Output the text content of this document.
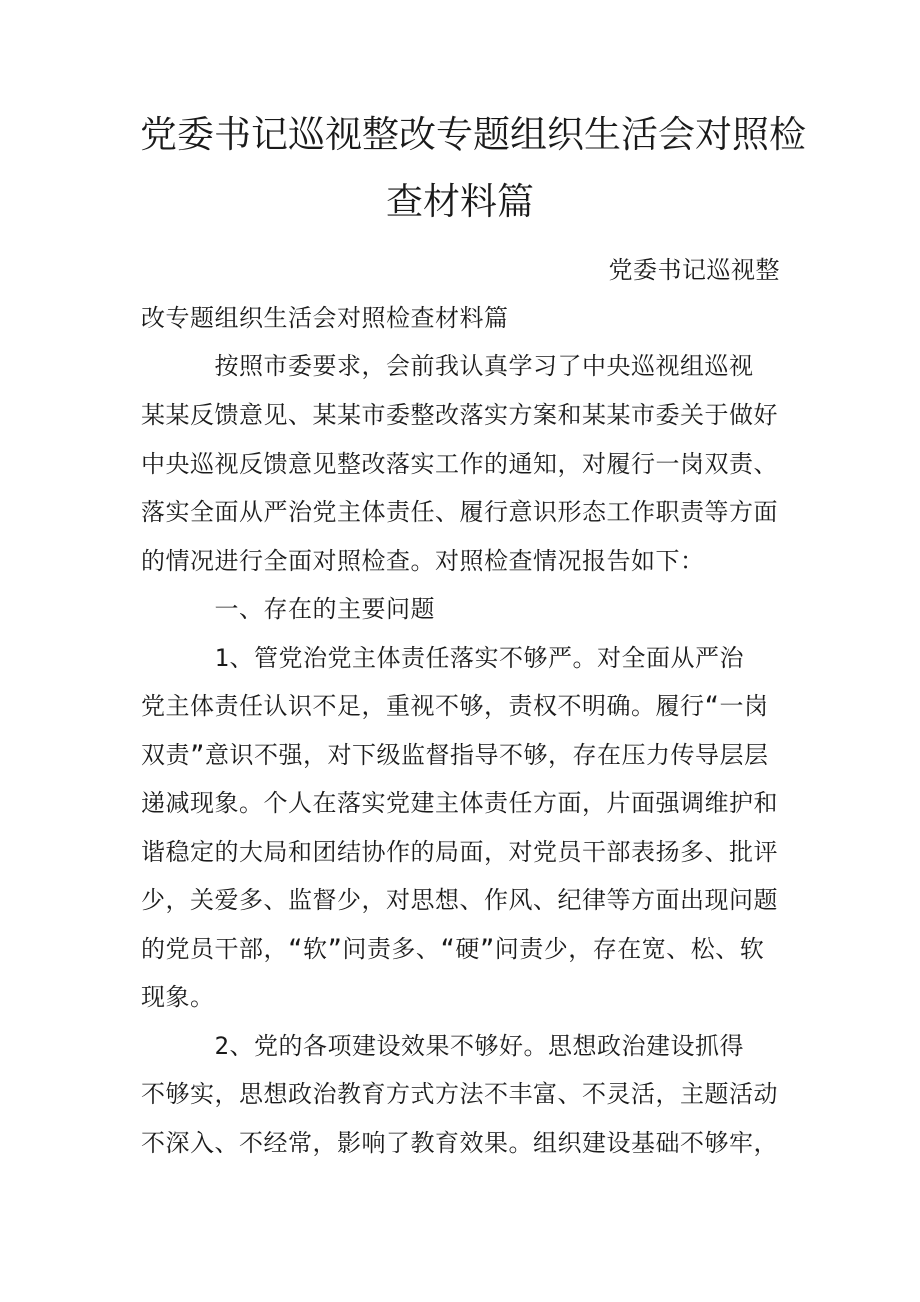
党委书记巡视整改专题组织生活会对照检
查材料篇
党委书记巡视整
改专题组织生活会对照检查材料篇
　　　按照市委要求，会前我认真学习了中央巡视组巡视
某某反馈意见、某某市委整改落实方案和某某市委关于做好
中央巡视反馈意见整改落实工作的通知，对履行一岗双责、
落实全面从严治党主体责任、履行意识形态工作职责等方面
的情况进行全面对照检查。对照检查情况报告如下：
　　　一、存在的主要问题
　　　1、管党治党主体责任落实不够严。对全面从严治
党主体责任认识不足，重视不够，责权不明确。履行“一岗
双责”意识不强，对下级监督指导不够，存在压力传导层层
递减现象。个人在落实党建主体责任方面，片面强调维护和
谐稳定的大局和团结协作的局面，对党员干部表扬多、批评
少，关爱多、监督少，对思想、作风、纪律等方面出现问题
的党员干部，“软”问责多、“硬”问责少，存在宽、松、软
现象。
　　　2、党的各项建设效果不够好。思想政治建设抓得
不够实，思想政治教育方式方法不丰富、不灵活，主题活动
不深入、不经常，影响了教育效果。组织建设基础不够牢，
